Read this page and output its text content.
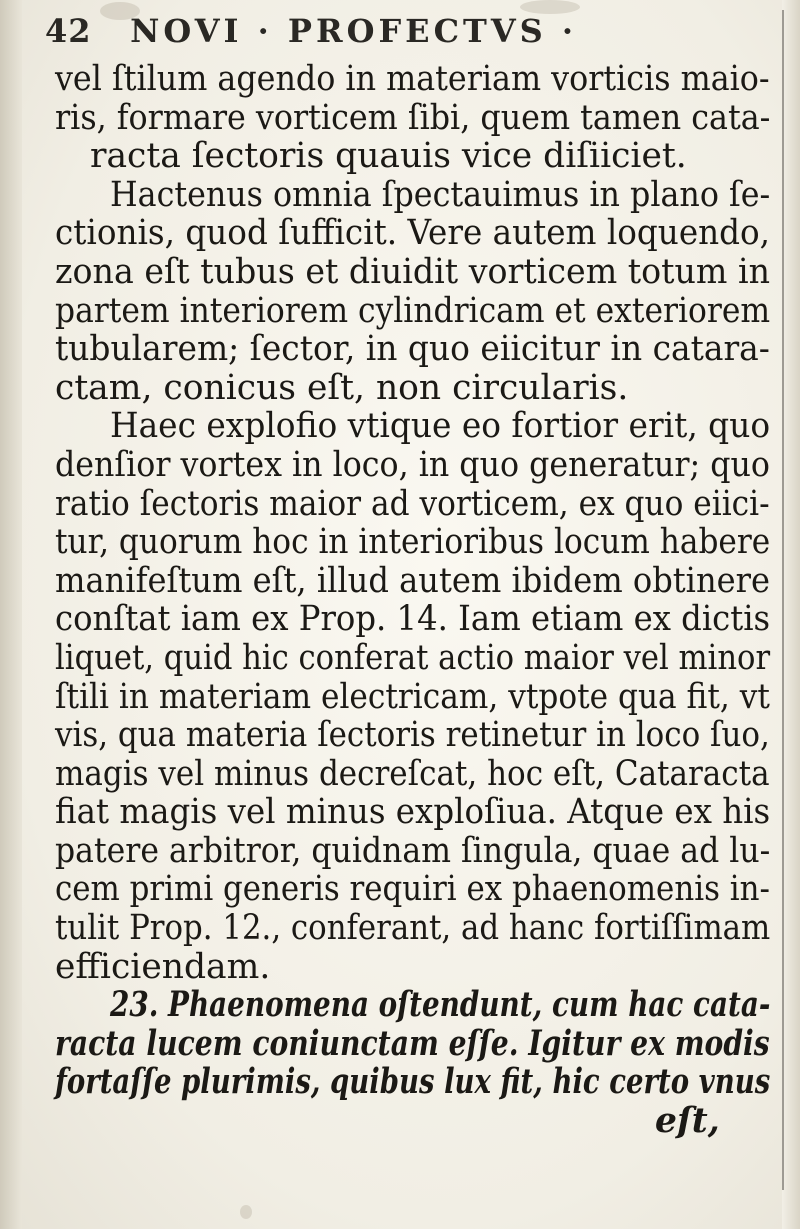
42 NOVI · PROFECTVS ·
vel ſtilum agendo in materiam vorticis maio-
ris, formare vorticem ſibi, quem tamen cata-
racta ſectoris quauis vice diſiiciet.
Hactenus omnia ſpectauimus in plano ſe-
ctionis, quod ſufficit. Vere autem loquendo,
zona eſt tubus et diuidit vorticem totum in
partem interiorem cylindricam et exteriorem
tubularem; ſector, in quo eiicitur in catara-
ctam, conicus eſt, non circularis.
Haec explofio vtique eo fortior erit, quo
denſior vortex in loco, in quo generatur; quo
ratio ſectoris maior ad vorticem, ex quo eiici-
tur, quorum hoc in interioribus locum habere
manifeſtum eſt, illud autem ibidem obtinere
conſtat iam ex Prop. 14. Iam etiam ex dictis
liquet, quid hic conferat actio maior vel minor
ſtili in materiam electricam, vtpote qua fit, vt
vis, qua materia ſectoris retinetur in loco ſuo,
magis vel minus decreſcat, hoc eſt, Cataracta
fiat magis vel minus exploſiua. Atque ex his
patere arbitror, quidnam ſingula, quae ad lu-
cem primi generis requiri ex phaenomenis in-
tulit Prop. 12., conferant, ad hanc fortiſſimam
efficiendam.
23. Phaenomena oſtendunt, cum hac cata-
racta lucem coniunctam eſſe. Igitur ex modis
fortaſſe plurimis, quibus lux fit, hic certo vnus
eſt,
